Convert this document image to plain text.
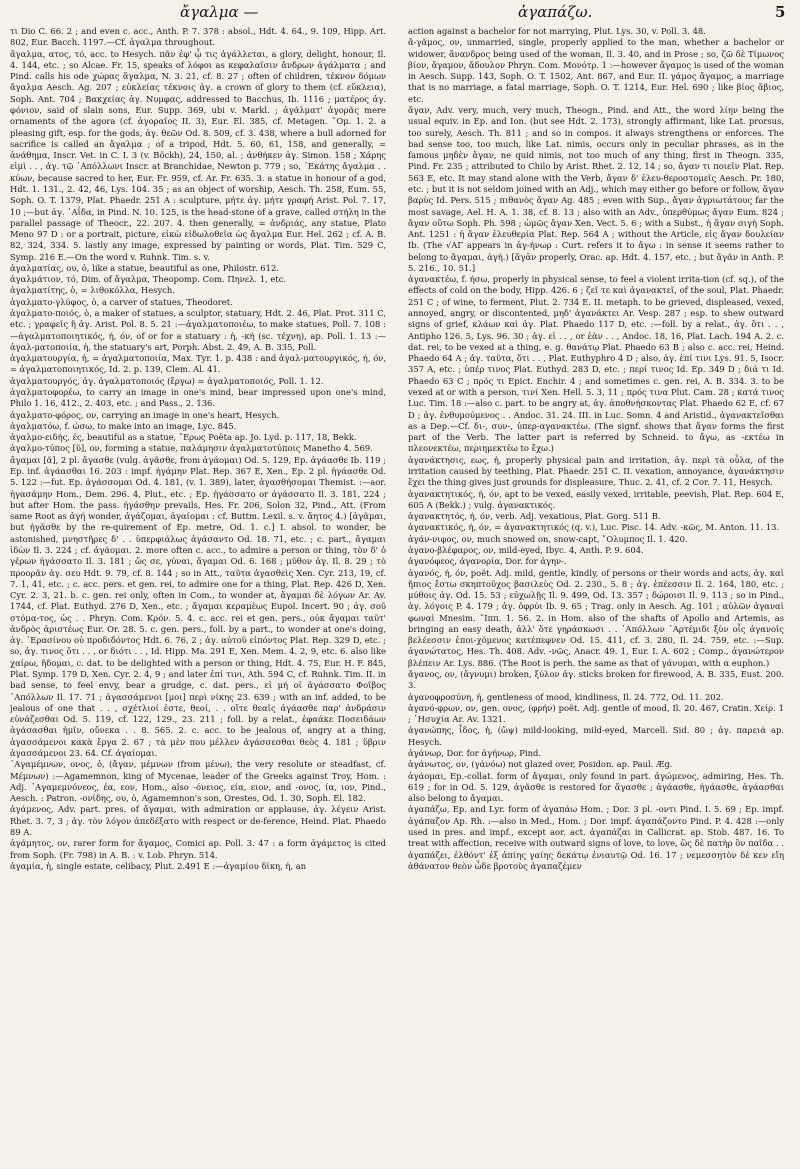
ἄγαλμα —	ἀγαπάζω.	5

τι Dio C. 66. 2 ; and even c. acc., Anth. P. 7. 378 : absol., Hdt. 4. 64., 9. 109, Hipp. Art. 802, Eur. Bacch. 1197.—Cf. ἀγαλμα throughout.

ἄγαλμα, ατος, τό, acc. to Hesych. πᾶν ἐφ' ᾧ τις ἀγάλλεται, a glory, delight, honour, Il. 4. 144, etc. ; so Alcae. Fr. 15, speaks of λόφοι as κεφαλαῖσιν ἄνδρων ἀγάλματα ; and Pind. calls his ode χώρας ἄγαλμα, N. 3. 21, cf. 8. 27 ; often of children, τέκνον δόμων ἄγαλμα Aesch. Ag. 207 ; εὐκλείας τέκνοις ἀγ. a crown of glory to them (cf. εὔκλεια), Soph. Ant. 704 ; Βακχείας ἀγ. Νυμφας, addressed to Bacchus, Ib. 1116 ; ματέρος ἀγ. φόνιον, said of slain sons, Eur. Supp. 369, ubi v. Markl. ; ἀγάλματ' ἀγορᾶς mere ornaments of the agora (cf. ἀγοραῖος II. 3), Eur. El. 385, cf. Metagen. ῞Ομ. 1. 2. a pleasing gift, esp. for the gods, ἀγ. θεῶν Od. 8. 509, cf. 3. 438, where a bull adorned for sacrifice is called an ἄγαλμα ; of a tripod, Hdt. 5. 60, 61, 158, and generally, = ἀνάθημα, Inscr. Vet. in C. I. 3 (v. Böckh), 24, 150, al. ; ἀνθήκεν ἀγ. Simon. 158 ; Χάρης εἰμὶ . . , ἀγ. τῷ ᾿Απόλλωνι Inscr. at Branchidae, Newton p. 779 ; so, ᾽Εκάτης ἄγαλμα . . κύων, because sacred to her, Eur. Fr. 959, cf. Ar. Fr. 635. 3. a statue in honour of a god, Hdt. 1. 131., 2. 42, 46, Lys. 104. 35 ; as an object of worship, Aesch. Th. 258, Eum. 55, Soph. O. T. 1379, Plat. Phaedr. 251 A : sculpture, μήτε ἀγ. μήτε γραφή Arist. Pol. 7. 17, 10 ;—but ἀγ. ᾽Αΐδα, in Pind. N. 10. 125, is the head-stone of a grave, called στήλη in the parallel passage of Theocr., 22. 207. 4. then generally, = ἀνδριάς, any statue, Plato Meno 97 D : or a portrait, picture, εἰκὼ εἰδωλοθεῖα ὡς ἄγαλμα Eur. Hel. 262 ; cf. A. B. 82, 324, 334. 5. lastly any image, expressed by painting or words, Plat. Tim. 529 C, Symp. 216 E.—On the word v. Ruhnk. Tim. s. v.

ἀγαλματίας, ου, ὁ, like a statue, beautiful as one, Philostr. 612.

ἀγαλμάτιον, τό, Dim. of ἄγαλμα, Theopomp. Com. Πηνελ. 1, etc.

ἀγαλματίτης, ὁ, = λιθοκόλλα, Hesych.

ἀγαλματο-γλύφος, ὁ, a carver of statues, Theodoret.

ἀγαλματο-ποιός, ὁ, a maker of statues, a sculptor, statuary, Hdt. 2. 46, Plat. Prot. 311 C, etc. ; γραφεῖς ἢ ἀγ. Arist. Pol. 8. 5. 21 :—ἀγαλματοποιέω, to make statues, Poll. 7. 108 :—ἀγαλματοποιητικός, ή, όν, of or for a statuary : ἡ, -κή (sc. τέχνη), ap. Poll. 1. 13 :—ἀγαλ-ματοποιία, ἡ, the statuary's art, Porph. Abst. 2. 49, A. B. 335, Poll.

ἀγαλματουργία, ἡ, = ἀγαλματοποιία, Max. Tyr. 1. p. 438 : and ἀγαλ-ματουργικός, ή, όν, = ἀγαλματοποιητικός, Id. 2. p. 139, Clem. Al. 41.

ἀγαλματουργός, ἀγ. ἀγαλματοποιός (ἔργω) = ἀγαλματοποιός, Poll. 1. 12.

ἀγαλματοφορέω, to carry an image in one's mind, bear impressed upon one's mind, Philo 1. 16, 412., 2. 403, etc. ; and Pass., 2. 136.

ἀγαλματο-φόρος, ον, carrying an image in one's heart, Hesych.

ἀγαλματόω, f. ώσω, to make into an image, Lyc. 845.

ἀγαλμο-ειδής, ές, beautiful as a statue, ῎Ερως Poëta ap. Jo. Lyd. p. 117, 18, Bekk.

ἀγαλμο-τύπος [ῠ], ον, forming a statue, παλάμησιν ἀγαλματοτύποις Manetho 4. 569.

ἄγαμαι [ᾰ], 2 pl. ἄγασθε (vulg. ἀγᾶσθε, from ἀγάομαι) Od. 5. 129, Ep. ἀγάασθε Ib. 119 ; Ep. inf. ἀγάασθαι 16. 203 : impf. ἠγάμην Plat. Rep. 367 E, Xen., Ep. 2 pl. ἠγάασθε Od. 5. 122 :—fut. Ep. ἀγάσσομαι Od. 4. 181, (v. 1. 389), later, ἀγασθήσομαι Themist. :—aor. ἠγασάμην Hom., Dem. 296. 4, Plut., etc. ; Ep. ἠγάσσατο or ἀγάσσατο Il. 3. 181, 224 ; but after Hom. the pass. ἠγάσθην prevails, Hes. Fr. 206, Solon 32, Pind., Att. (From same Root as ἀγή wonder, ἀγάζομαι, ἀγαίομαι : cf. Buttm. Lexil. s. v. ἄητος 4.) [ἀγᾶμαι, but ἠγᾶσθε by the re-quirement of Ep. metre, Od. 1. c.] I. absol. to wonder, be astonished, μνηστῆρες δ' . . ὑπερφιάλως ἀγάσαντο Od. 18. 71, etc. ; c. part., ἄγαμαι ἰδὼν Il. 3. 224 ; cf. ἀγάομαι. 2. more often c. acc., to admire a person or thing, τὸν δ' ὁ γέρων ἠγάσσατο Il. 3. 181 ; ὥς σε, γύναι, ἄγαμαι Od. 6. 168 ; μῦθον ἀγ. Il. 8. 29 ; τὸ προορᾶν ἀγ. σευ Hdt. 9. 79, cf. 8. 144 ; so in Att., ταῦτα ἀγασθεὶς Xen. Cyr. 213, 19, cf. 7. 1, 41, etc. ; c. acc. pers. et gen. rei, to admire one for a thing, Plat. Rep. 426 D, Xen. Cyr. 2. 3, 21. b. c. gen. rei only, often in Com., to wonder at, ἄγαμαι δὲ λόγων Ar. Av. 1744, cf. Plat. Euthyd. 276 D, Xen., etc. ; ἄγαμαι κεραμέως Eupol. Incert. 90 ; ἀγ. σοῦ στόμα-τος, ὡς . . Phryn. Com. Κρόν. 5. 4. c. acc. rei et gen. pers., οὐκ ἄγαμαι ταῦτ' ἀνδρὸς ἀριστέως Eur. Or. 28. 5. c. gen. pers., foll. by a part., to wonder at one's doing, ἀγ. ᾽Ερασίνου οὐ προδιδόντος Hdt. 6. 76, 2 ; ἀγ. αὐτοῦ εἰπόντος Plat. Rep. 329 D, etc. ; so, ἀγ. τινος ὅτι . . , or διότι . . , Id. Hipp. Ma. 291 E, Xen. Mem. 4. 2, 9, etc. 6. also like χαίρω, ἥδομαι, c. dat. to be delighted with a person or thing, Hdt. 4. 75, Eur. H. F. 845, Plat. Symp. 179 D, Xen. Cyr. 2. 4, 9 ; and later ἐπί τινι, Ath. 594 C, cf. Ruhnk. Tim. II. in bad sense, to feel envy, bear a grudge, c. dat. pers., εἰ μή οἱ ἀγάσσατο Φοῖβος ᾽Απόλλων Il. 17. 71 ; ἀγασσάμενοι [μοι] περὶ νίκης 23. 639 ; with an inf. added, to be jealous of one that . . , σχέτλιοί ἐστε, θεοί, . . οἵτε θεαῖς ἀγάασθε παρ' ἀνδράσιν εὐνάζεσθαι Od. 5. 119, cf. 122, 129., 23. 211 ; foll. by a relat., ἐφαάκε Ποσειδάων ἀγάσασθαι ἡμῖν, οὕνεκα . . 8. 565. 2. c. acc. to be jealous of, angry at a thing, ἀγασσάμενοι κακὰ ἔργα 2. 67 ; τὰ μὲν που μέλλεν ἀγάσσεσθαι θεὸς 4. 181 ; ὕβριν ἀγασσάμενοι 23. 64. Cf. ἀγαίομαι.

᾽Αγαμέμνων, ονος, ὁ, (ἄγαν, μέμνων (from μένω), the very resolute or steadfast, cf. Μέμνων) :—Agamemnon, king of Mycenae, leader of the Greeks against Troy, Hom. : Adj. ᾽Αγαμεμνόνεος, έα, εον, Hom., also -όνειος, εία, ειον, and -ονος, ία, ιον, Pind., Aesch. : Patron. -ονίδης, ου, ὁ, Agamemnon's son, Orestes, Od. 1. 30, Soph. El. 182.

ἀγάμενος, Adv. part. pres. of ἄγαμαι, with admiration or applause, ἀγ. λέγειν Arist. Rhet. 3. 7, 3 ; ἀγ. τὸν λόγον ἀπεδέξατο with respect or de-ference, Heind. Plat. Phaedo 89 A.

ἀγάμητος, ον, rarer form for ἄγαμος, Comici ap. Poll. 3. 47 : a form ἀγάμετος is cited from Soph. (Fr. 798) in A. B. : v. Lob. Phryn. 514.

ἀγαμία, ἡ, single estate, celibacy, Plut. 2.491 E :—ἀγαμίου δίκη, ἡ, an

action against a bachelor for not marrying, Plut. Lys. 30, v. Poll. 3. 48.

ἄ-γᾰμος, ον, unmarried, single, properly applied to the man, whether a bachelor or widower, ἄνανδρος being used of the woman, Il. 3. 40, and in Prose ; so, ζῶ δὲ Τίμωνος βίον, ἄγαμον, ἄδουλον Phryn. Com. Μονότρ. 1 :—however ἄγαμος is used of the woman in Aesch. Supp. 143, Soph. O. T. 1502, Ant. 867, and Eur. II. γάμος ἄγαμος, a marriage that is no marriage, a fatal marriage, Soph. O. T. 1214, Eur. Hel. 690 ; like βίος ἄβιος, etc.

ἄγαν, Adv. very, much, very much, Theogn., Pind. and Att., the word λίην being the usual equiv. in Ep. and Ion. (but see Hdt. 2. 173), strongly affirmant, like Lat. prorsus, too surely, Aesch. Th. 811 ; and so in compos. it always strengthens or enforces. The bad sense too, too much, like Lat. nimis, occurs only in peculiar phrases, as in the famous μηδὲν ἄγαν, ne quid nimis, not too much of any thing, first in Theogn. 335, Pind. Fr. 235 ; attributed to Chilo by Arist. Rhet. 2. 12, 14 ; so, ἄγαν τι ποιεῖν Plat. Rep. 563 E, etc. It may stand alone with the Verb, ἄγαν δ' ἐλευ-θεροστομεῖς Aesch. Pr. 180, etc. ; but it is not seldom joined with an Adj., which may either go before or follow, ἄγαν βαρὺς Id. Pers. 515 ; πιθανὸς ἄγαν Ag. 485 ; even with Sup., ἄγαν ἀγριωτάτους far the most savage, Ael. H. A. 1. 38, cf. 8. 13 ; also with an Adv., ὑπερθύμως ἄγαν Eum. 824 ; ἄγαν οὕτω Soph. Ph. 598 ; ὠμῶς ἄγαν Xen. Vect. 5. 6 ; with a Subst., ἡ ἄγαν σιγὴ Soph. Ant. 1251 : ἡ ἄγαν ἐλευθερία Plat. Rep. 564 A ; without the Article, εἰς ἄγαν δουλείαν Ib. (The √ΑΓ appears in ἀγ-ήνωρ : Curt. refers it to ἄγω : in sense it seems rather to belong to ἄγαμαι, ἀγή.) [ἄγᾱν properly, Orac. ap. Hdt. 4. 157, etc. ; but ἄγᾰν in Anth. P. 5. 216., 10. 51.]

ἀγανακτέω, f. ήσω, properly in physical sense, to feel a violent irrita-tion (cf. sq.), of the effects of cold on the body, Hipp. 426. 6 ; ζεῖ τε καὶ ἀγανακτεῖ, of the soul, Plat. Phaedr. 251 C ; of wine, to ferment, Plut. 2. 734 E. II. metaph. to be grieved, displeased, vexed, annoyed, angry, or discontented, μηδ' ἀγανάκτει Ar. Vesp. 287 ; esp. to shew outward signs of grief, κλάων καὶ ἀγ. Plat. Phaedo 117 D, etc. :—foll. by a relat., ἀγ. ὅτι . . , Antipho 126. 5, Lys. 96. 30 ; ἀγ. εἰ . . , or ἐὰν . . , Andoc. 18, 16, Plat. Lach. 194 A. 2. c. dat. rei, to be vexed at a thing, e. g. θανάτῳ Plat. Phaedo 63 B ; also c. acc. rei, Heind. Phaedo 64 A ; ἀγ. ταῦτα, ὅτι . . , Plat. Euthyphro 4 D ; also, ἀγ. ἐπί τινι Lys. 91. 5, Isocr. 357 A, etc. ; ὑπέρ τινος Plat. Euthyd. 283 D, etc. ; περί τινος Id. Ep. 349 D ; διά τι Id. Phaedo 63 C ; πρός τι Epict. Enchir. 4 ; and sometimes c. gen. rei, A. B. 334. 3. to be vexed at or with a person, τινί Xen. Hell. 5. 3, 11 ; πρός τινα Plut. Cam. 28 ; κατά τινος Luc. Tim. 18 :—also c. part. to be angry at, ἀγ. ἀποθνήσκοντας Plat. Phaedo 62 E, cf. 67 D ; ἀγ. ἐνθυμούμενος . . Andoc. 31. 24. III. in Luc. Somn. 4 and Aristid., ἀγανακτεῖσθαι as a Dep.—Cf. δι-, συν-, ὑπερ-αγανακτέω. (The signf. shows that ἄγαν forms the first part of the Verb. The latter part is referred by Schneid. to ἄγω, as -εκτέω in πλεονεκτέω, περιημεκτέω to ἔχω.)

ἀγανάκτησις, εως, ἡ, properly physical pain and irritation, ἀγ. περὶ τὰ οὖλα, of the irritation caused by teething, Plat. Phaedr. 251 C. II. vexation, annoyance, ἀγανάκτησιν ἔχει the thing gives just grounds for displeasure, Thuc. 2. 41, cf. 2 Cor. 7. 11, Hesych.

ἀγανακτητικός, ή, όν, apt to be vexed, easily vexed, irritable, peevish, Plat. Rep. 604 E, 605 A (Bekk.) ; vulg. ἀγανακτικός.

ἀγανακτητός, ή, όν, verb. Adj. vexatious, Plat. Gorg. 511 B.

ἀγανακτικός, ή, όν, = ἀγανακτητικός (q. v.), Luc. Pisc. 14. Adv. -κῶς, M. Anton. 11. 13.

ἀγάν-νιφος, ον, much snowed on, snow-capt, ῎Ολυμπος Il. 1. 420.

ἀγανο-βλέφαρος, ον, mild-eyed, Ibyc. 4, Anth. P. 9. 604.

ἀγανόφεος, ἀγανορία, Dor. for ἀγην-.

ἀγανός, ή, όν, poët. Adj. mild, gentle, kindly, of persons or their words and acts, ἀγ. καὶ ἤπιος ἔστω σκηπτοῦχος βασιλεὺς Od. 2. 230., 5. 8 ; ἀγ. ἐπέεσσιν Il. 2. 164, 180, etc. ; μύθοις ἀγ. Od. 15. 53 ; εὐχωλῇς Il. 9. 499, Od. 13. 357 ; δώροισι Il. 9. 113 ; so in Pind., ἀγ. λόγοις P. 4. 179 ; ἀγ. ὀφρύι Ib. 9. 65 ; Trag. only in Aesch. Ag. 101 ; αὐλῶν ἀγαναὶ φωναὶ Mnesim. ῞Ιππ. 1. 56. 2. in Hom. also of the shafts of Apollo and Artemis, as bringing an easy death, ἀλλ' ὅτε γηράσκωσι . . ᾽Απόλλων ᾽Αρτέμιδι ξὺν οἷς ἀγανοῖς βελέεσσιν ἐποι-χόμενος κατέπεφνεν Od. 15. 411, cf. 3. 280, Il. 24. 759, etc. :—Sup. ἀγανώτατος, Hes. Th. 408. Adv. -νῶς, Anacr. 49. 1, Eur. I. A. 602 ; Comp., ἀγανώτερον βλέπειν Ar. Lys. 886. (The Root is perh. the same as that of γάνυμαι, with α euphon.)

ἄγανος, ον, (ἄγνυμι) broken, ξύλον ἀγ. sticks broken for firewood, A. B. 335, Eust. 200. 3.

ἀγανοφροσύνη, ἡ, gentleness of mood, kindliness, Il. 24. 772, Od. 11. 202.

ἀγανό-φρων, ον, gen. ονος, (φρήν) poët. Adj. gentle of mood, Il. 20. 467, Cratin. Χείρ. 1 ; ῾Ησυχία Ar. Av. 1321.

ἀγανώπης, ἶδος, ἡ, (ὤψ) mild-looking, mild-eyed, Marcell. Sid. 80 ; ἀγ. παρειά ap. Hesych.

ἀγάνωρ, Dor. for ἀγήνωρ, Pind.

ἀγάνωτος, ον, (γάνόω) not glazed over, Posidon. ap. Paul. Æg.

ἀγάομαι, Ep.-collat. form of ἄγαμαι, only found in part. ἀγώμενος, admiring, Hes. Th. 619 ; for in Od. 5. 129, ἀγᾶσθε is restored for ἄγασθε ; ἀγάασθε, ἠγάασθε, ἀγάασθαι also belong to ἄγαμαι.

ἀγαπάζω, Ep. and Lyr. form of ἀγαπάω Hom. ; Dor. 3 pl. -οντι Pind. I. 5. 69 ; Ep. impf. ἀγάπαζον Ap. Rh. :—also in Med., Hom. ; Dor. impf. ἀγαπάζοντο Pind. P. 4. 428 :—only used in pres. and impf., except aor. act. ἀγαπάζαι in Callicrat. ap. Stob. 487. 16. To treat with affection, receive with outward signs of love, to love, ὣς δὲ πατὴρ ὃν παῖδα . . ἀγαπάζει, ἐλθόντ' ἐξ ἀπίης γαίης δεκάτῳ ἐνιαυτῷ Od. 16. 17 ; νεμεσσητὸν δέ κεν εἴη ἀθάνατον θεὸν ὧδε βροτοὺς ἀγαπαζέμεν
